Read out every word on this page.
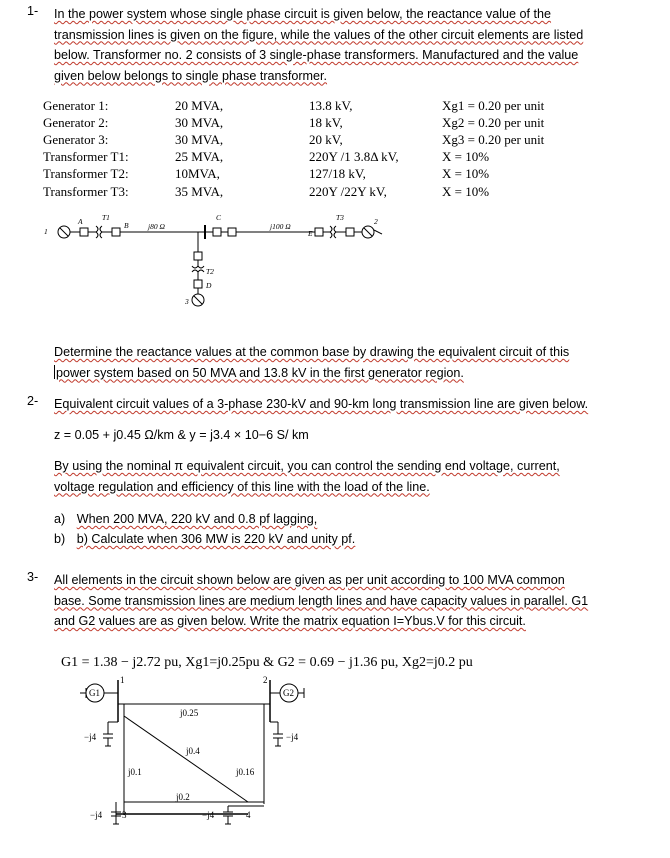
1- In the power system whose single phase circuit is given below, the reactance value of the
transmission lines is given on the figure, while the values of the other circuit elements are listed
below. Transformer no. 2 consists of 3 single-phase transformers. Manufactured and the value
given below belongs to single phase transformer.
Generator 1:	20 MVA,	13.8 kV,	Xg1 = 0.20 per unit
Generator 2:	30 MVA,	18 kV,	Xg2 = 0.20 per unit
Generator 3:	30 MVA,	20 kV,	Xg3 = 0.20 per unit
Transformer T1:	25 MVA,	220Y /1 3.8Δ kV,	X = 10%
Transformer T2:	10MVA,	127/18 kV,	X = 10%
Transformer T3:	35 MVA,	220Y /22Y kV,	X = 10%
A	B
C
E
j80 Ω	j100 Ω
T1
T2
T3
D
3
2
1
Determine the reactance values at the common base by drawing the equivalent circuit of this
power system based on 50 MVA and 13.8 kV in the first generator region.
2- Equivalent circuit values of a 3-phase 230-kV and 90-km long transmission line are given below.
z = 0.05 + j0.45 Ω/km & y = j3.4 × 10−6 S/ km
By using the nominal π equivalent circuit, you can control the sending end voltage, current,
voltage regulation and efficiency of this line with the load of the line.
a) When 200 MVA, 220 kV and 0.8 pf lagging,
b) b) Calculate when 306 MW is 220 kV and unity pf.
3- All elements in the circuit shown below are given as per unit according to 100 MVA common
base. Some transmission lines are medium length lines and have capacity values in parallel. G1
and G2 values are as given below. Write the matrix equation I=Ybus.V for this circuit.
G1 = 1.38 − j2.72 pu, Xg1=j0.25pu & G2 = 0.69 − j1.36 pu, Xg2=j0.2 pu
G1	G2
1	2
3	4
j0.25
j0.4
j0.1	j0.16
j0.2
−j4	−j4
−j4	−j4
